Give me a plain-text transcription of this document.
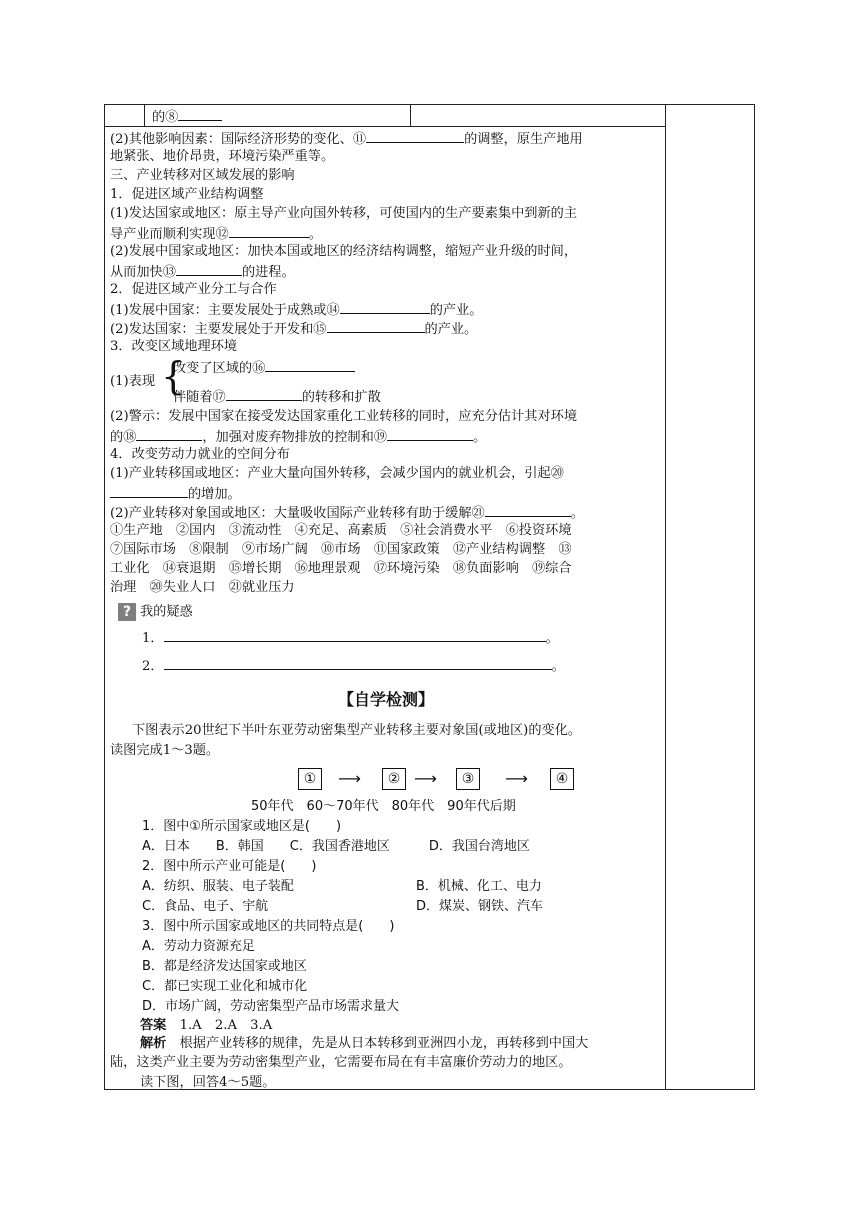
的⑧
(2)其他影响因素：国际经济形势的变化、⑪	的调整，原生产地用
地紧张、地价昂贵，环境污染严重等。
三、产业转移对区域发展的影响
1．促进区域产业结构调整
(1)发达国家或地区：原主导产业向国外转移，可使国内的生产要素集中到新的主
导产业而顺利实现⑫	。
(2)发展中国家或地区：加快本国或地区的经济结构调整，缩短产业升级的时间，
从而加快⑬	的进程。
2．促进区域产业分工与合作
(1)发展中国家：主要发展处于成熟或⑭	的产业。
(2)发达国家：主要发展处于开发和⑮	的产业。
3．改变区域地理环境
(1)表现 {
改变了区域的⑯
伴随着⑰	的转移和扩散
(2)警示：发展中国家在接受发达国家重化工业转移的同时，应充分估计其对环境
的⑱	，加强对废弃物排放的控制和⑲	。
4．改变劳动力就业的空间分布
(1)产业转移国或地区：产业大量向国外转移，会减少国内的就业机会，引起⑳
的增加。
(2)产业转移对象国或地区：大量吸收国际产业转移有助于缓解㉑	。
①生产地　②国内　③流动性　④充足、高素质　⑤社会消费水平　⑥投资环境
⑦国际市场　⑧限制　⑨市场广阔　⑩市场　⑪国家政策　⑫产业结构调整　⑬
工业化　⑭衰退期　⑮增长期　⑯地理景观　⑰环境污染　⑱负面影响　⑲综合
治理　⑳失业人口　㉑就业压力
? 我的疑惑
1．	。
2．	。
【自学检测】
下图表示20世纪下半叶东亚劳动密集型产业转移主要对象国(或地区)的变化。
读图完成1～3题。
①	⟶	② ⟶	③	⟶	④
50年代　60～70年代　80年代　90年代后期
1．图中①所示国家或地区是(　　)
A．日本　　B．韩国　　C．我国香港地区　　　D．我国台湾地区
2．图中所示产业可能是(　　)
A．纺织、服装、电子装配	B．机械、化工、电力
C．食品、电子、宇航	D．煤炭、钢铁、汽车
3．图中所示国家或地区的共同特点是(　　)
A．劳动力资源充足
B．都是经济发达国家或地区
C．都已实现工业化和城市化
D．市场广阔，劳动密集型产品市场需求量大
答案　 1.A　2.A　3.A
解析　 根据产业转移的规律，先是从日本转移到亚洲四小龙，再转移到中国大
陆，这类产业主要为劳动密集型产业，它需要布局在有丰富廉价劳动力的地区。
读下图，回答4～5题。
